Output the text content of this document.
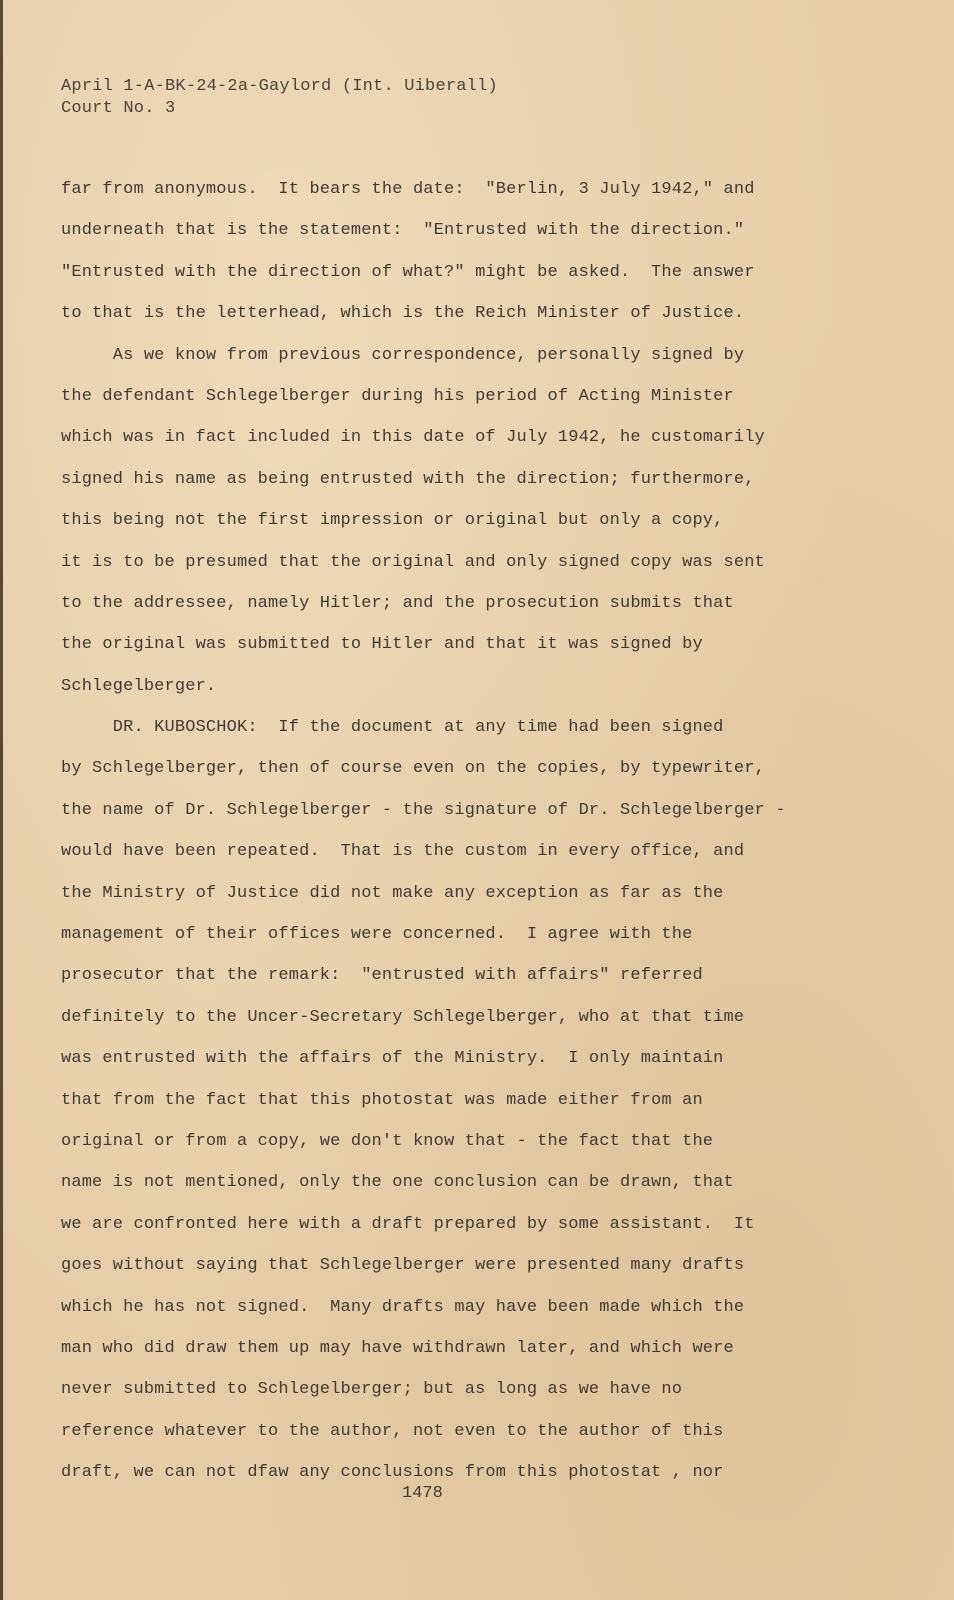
April 1-A-BK-24-2a-Gaylord (Int. Uiberall)
Court No. 3
far from anonymous.  It bears the date:  "Berlin, 3 July 1942," and
underneath that is the statement:  "Entrusted with the direction."
"Entrusted with the direction of what?" might be asked.  The answer
to that is the letterhead, which is the Reich Minister of Justice.
As we know from previous correspondence, personally signed by
the defendant Schlegelberger during his period of Acting Minister
which was in fact included in this date of July 1942, he customarily
signed his name as being entrusted with the direction; furthermore,
this being not the first impression or original but only a copy,
it is to be presumed that the original and only signed copy was sent
to the addressee, namely Hitler; and the prosecution submits that
the original was submitted to Hitler and that it was signed by
Schlegelberger.
DR. KUBOSCHOK:  If the document at any time had been signed
by Schlegelberger, then of course even on the copies, by typewriter,
the name of Dr. Schlegelberger - the signature of Dr. Schlegelberger -
would have been repeated.  That is the custom in every office, and
the Ministry of Justice did not make any exception as far as the
management of their offices were concerned.  I agree with the
prosecutor that the remark:  "entrusted with affairs" referred
definitely to the Uncer-Secretary Schlegelberger, who at that time
was entrusted with the affairs of the Ministry.  I only maintain
that from the fact that this photostat was made either from an
original or from a copy, we don't know that - the fact that the
name is not mentioned, only the one conclusion can be drawn, that
we are confronted here with a draft prepared by some assistant.  It
goes without saying that Schlegelberger were presented many drafts
which he has not signed.  Many drafts may have been made which the
man who did draw them up may have withdrawn later, and which were
never submitted to Schlegelberger; but as long as we have no
reference whatever to the author, not even to the author of this
draft, we can not dfaw any conclusions from this photostat , nor
1478
